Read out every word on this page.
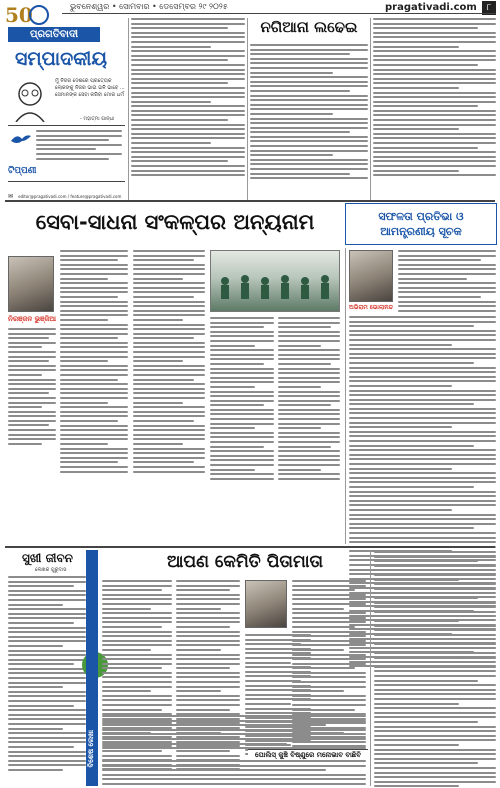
50	ଭୁବନେଶ୍ୱର • ସୋମବାର • ଡେସେମ୍ବର ୨୯ ୨୦୨୫	pragativadi.com	୮
ପ୍ରଗତିବାଦୀ
ସମ୍ପାଦକୀୟ
ମୁଁ ନିଜର ଦେଶରେ ପ୍ରତ୍ୟେକ ଲୋକଙ୍କୁ ନିଜର ଭାଇ ଭଳି ଭାବେ ... ସେମାନଙ୍କ ସେବା କରିବା ମୋର ଧର୍ମ
- ମହାତ୍ମା ଗାନ୍ଧୀ
ଟିପ୍ପଣୀ
✉ editor@pragativadi.com / feature@pragativadi.com
ନଗିଆନା ଲଢେଇ
ସେବା-ସାଧନା ସଂକଳ୍ପର ଅନ୍ୟନାମ	ସଫଳତା ପ୍ରତିଭା ଓ ଆମନ୍ତ୍ରଣୀୟ ସୂଚକ
ନିରଞ୍ଜନ ଭୁଞ୍ଜିଆ
ଅଭିରାମ ଭୋଲାନନ୍ଦ
ସୁଖୀ ଜୀବନ
ଲେଖକ ଗୁରୁଦାସ
ବିଶେଷ ଲେଖା
ଆପଣ କେମିତି ପିତାମାତା
ପୋଲିସ୍ କୁଞ୍ଚି ବିଷ୍ଣୁରେ ମନୋଭାବ ବାଛିବି
